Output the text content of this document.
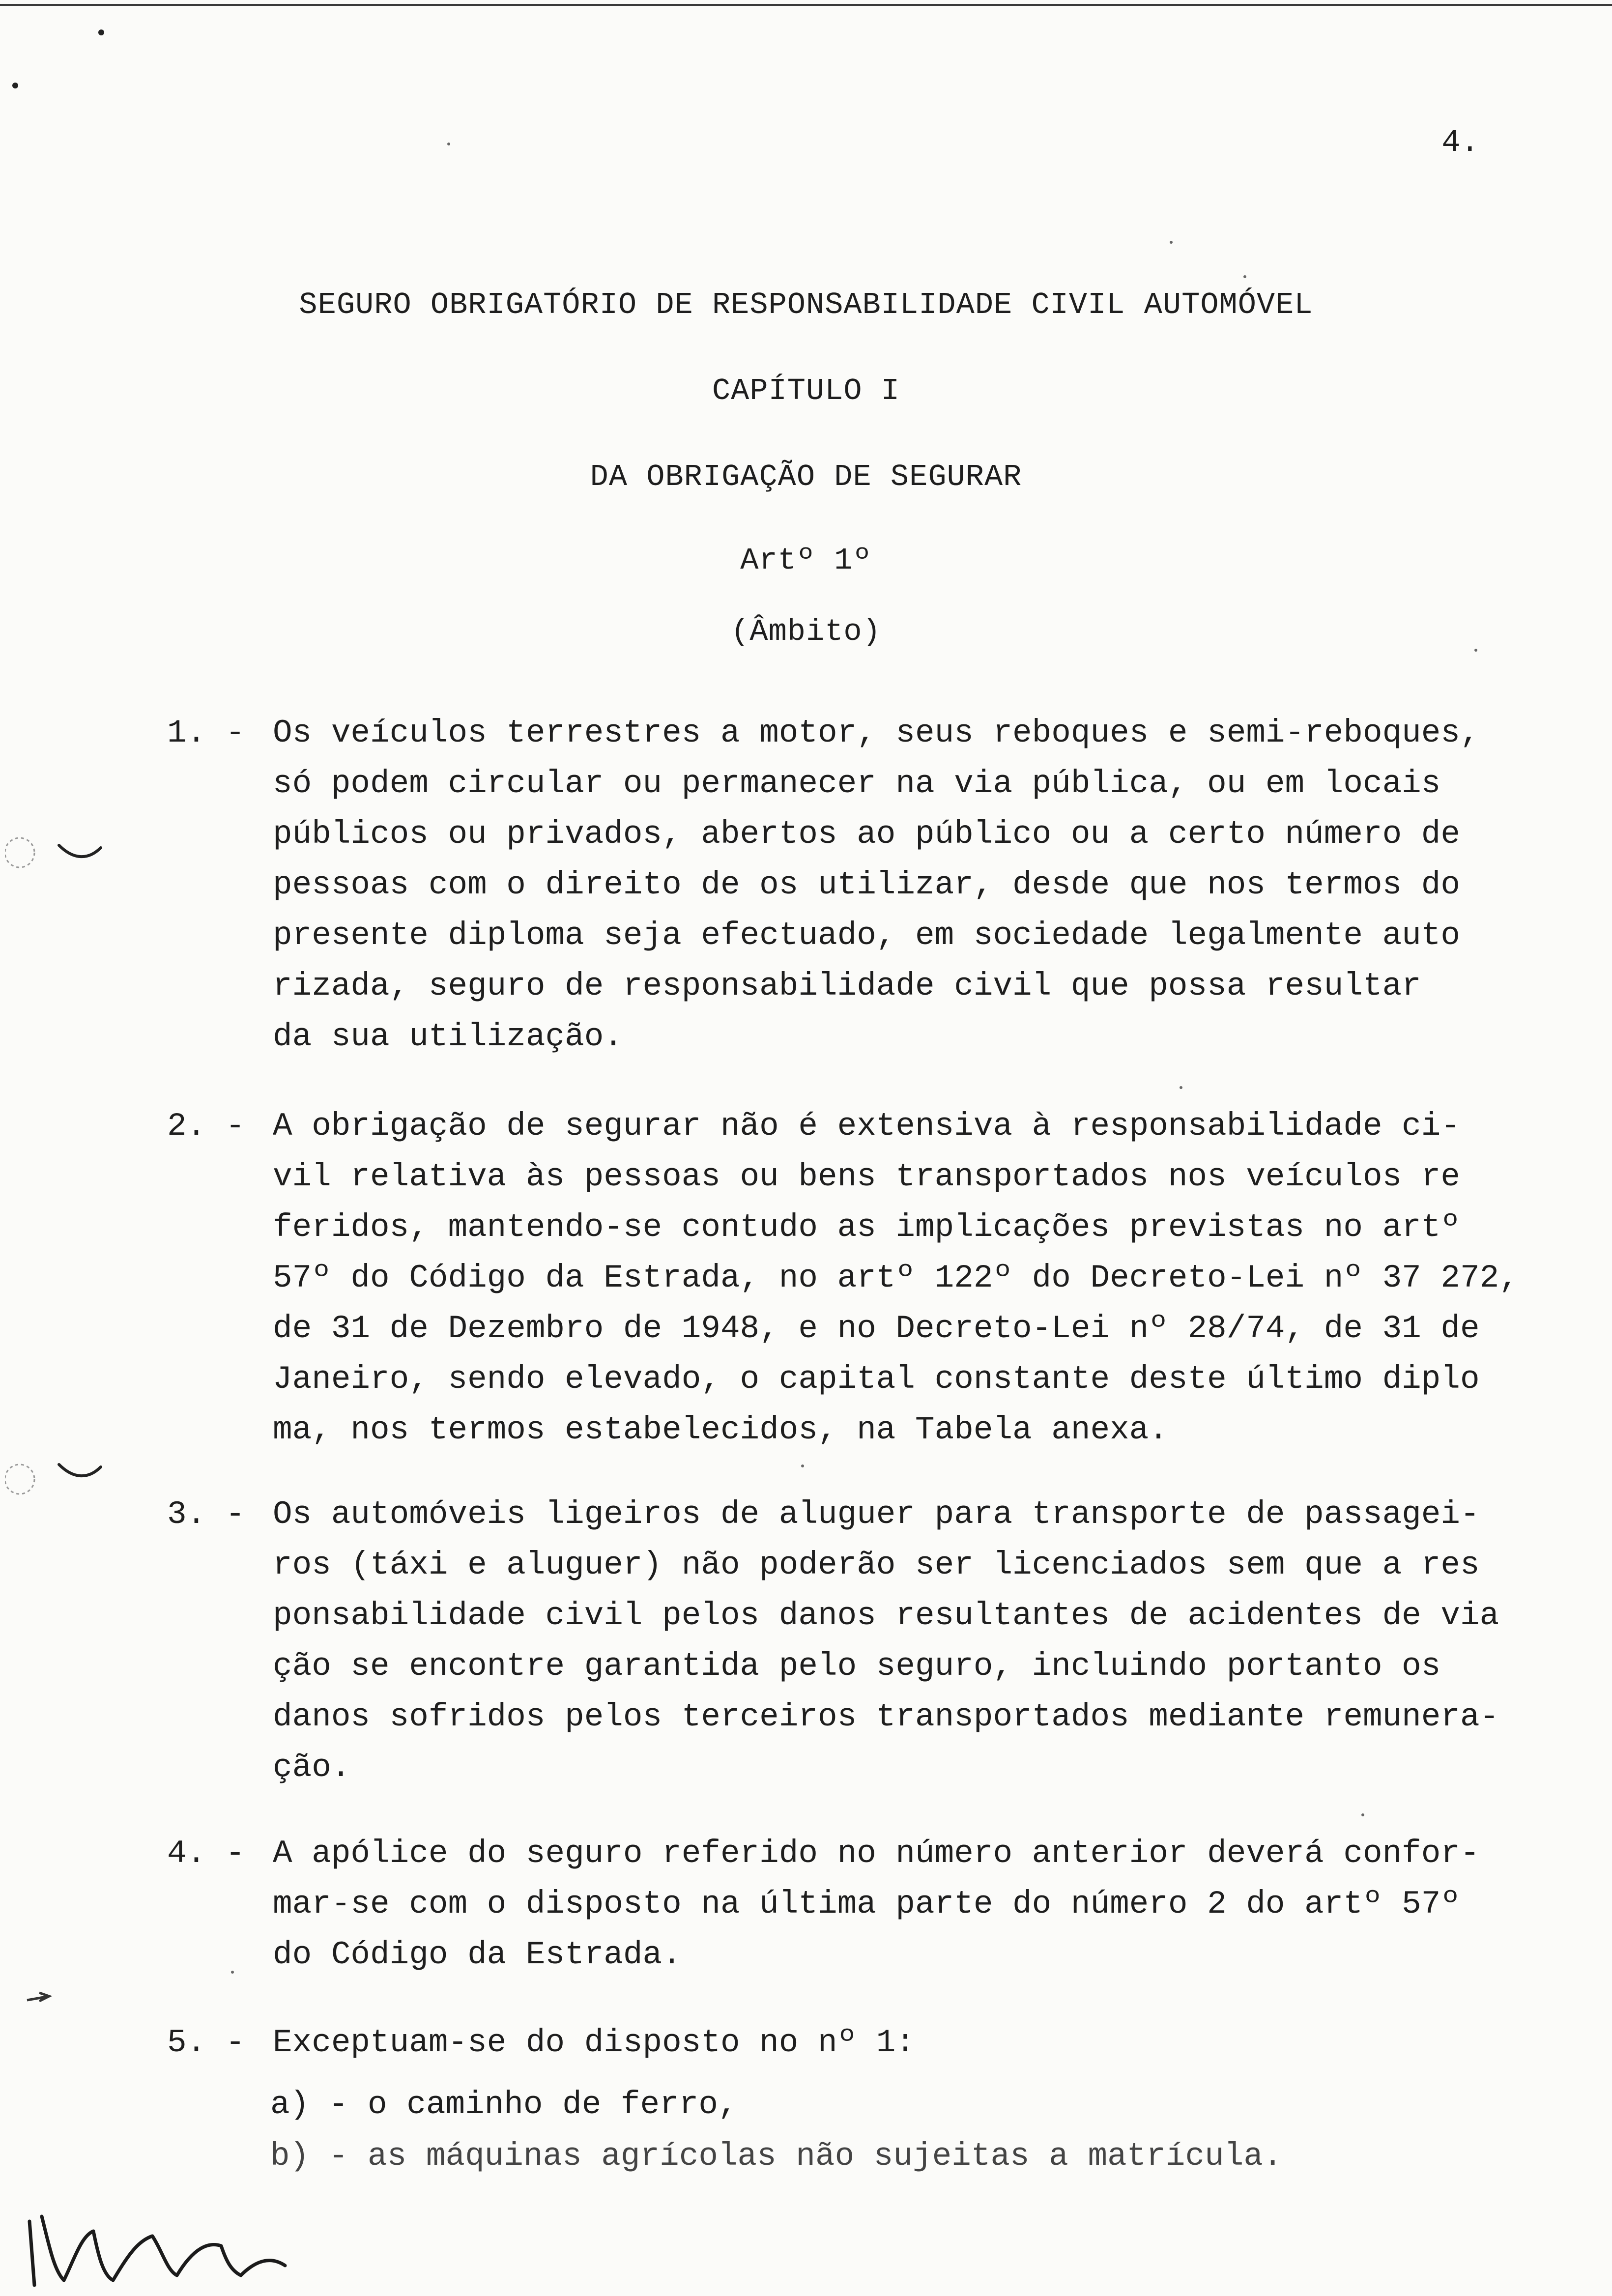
4.
SEGURO OBRIGATÓRIO DE RESPONSABILIDADE CIVIL AUTOMÓVEL
CAPÍTULO I
DA OBRIGAÇÃO DE SEGURAR
Artº 1º
(Âmbito)
1. - Os veículos terrestres a motor, seus reboques e semi-reboques,
só podem circular ou permanecer na via pública, ou em locais
públicos ou privados, abertos ao público ou a certo número de
pessoas com o direito de os utilizar, desde que nos termos do
presente diploma seja efectuado, em sociedade legalmente auto
rizada, seguro de responsabilidade civil que possa resultar
da sua utilização.
2. - A obrigação de segurar não é extensiva à responsabilidade ci-
vil relativa às pessoas ou bens transportados nos veículos re
feridos, mantendo-se contudo as implicações previstas no artº
57º do Código da Estrada, no artº 122º do Decreto-Lei nº 37 272,
de 31 de Dezembro de 1948, e no Decreto-Lei nº 28/74, de 31 de
Janeiro, sendo elevado, o capital constante deste último diplo
ma, nos termos estabelecidos, na Tabela anexa.
3. - Os automóveis ligeiros de aluguer para transporte de passagei-
ros (táxi e aluguer) não poderão ser licenciados sem que a res
ponsabilidade civil pelos danos resultantes de acidentes de via
ção se encontre garantida pelo seguro, incluindo portanto os
danos sofridos pelos terceiros transportados mediante remunera-
ção.
4. - A apólice do seguro referido no número anterior deverá confor-
mar-se com o disposto na última parte do número 2 do artº 57º
do Código da Estrada.
5. - Exceptuam-se do disposto no nº 1:
a) - o caminho de ferro,
b) - as máquinas agrícolas não sujeitas a matrícula.
